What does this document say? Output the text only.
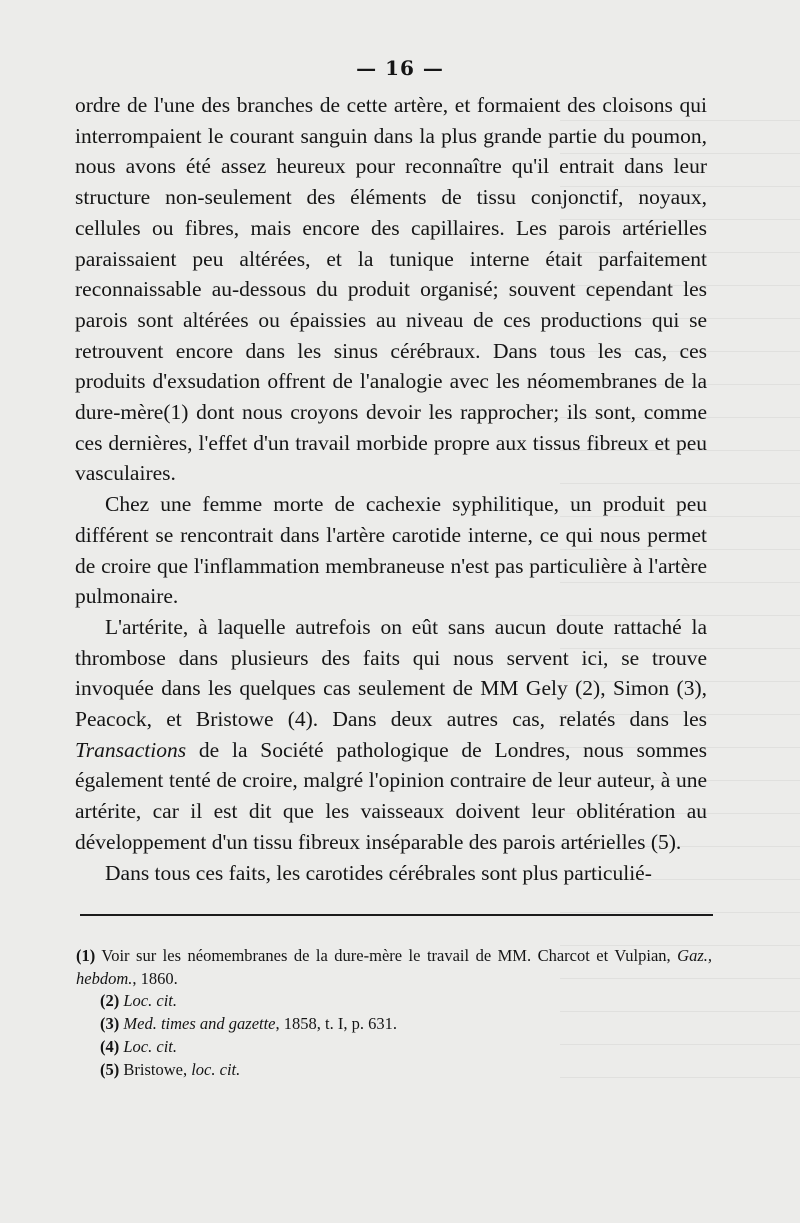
— 16 —

ordre de l'une des branches de cette artère, et formaient des cloisons qui interrompaient le courant sanguin dans la plus grande partie du poumon, nous avons été assez heureux pour reconnaître qu'il entrait dans leur structure non-seulement des éléments de tissu conjonctif, noyaux, cellules ou fibres, mais encore des capillaires. Les parois artérielles paraissaient peu altérées, et la tunique interne était parfaitement reconnaissable au-dessous du produit organisé; souvent cependant les parois sont altérées ou épaissies au niveau de ces productions qui se retrouvent encore dans les sinus cérébraux. Dans tous les cas, ces produits d'exsudation offrent de l'analogie avec les néomembranes de la dure-mère(1) dont nous croyons devoir les rapprocher; ils sont, comme ces dernières, l'effet d'un travail morbide propre aux tissus fibreux et peu vasculaires.

Chez une femme morte de cachexie syphilitique, un produit peu différent se rencontrait dans l'artère carotide interne, ce qui nous permet de croire que l'inflammation membraneuse n'est pas particulière à l'artère pulmonaire.

L'artérite, à laquelle autrefois on eût sans aucun doute rattaché la thrombose dans plusieurs des faits qui nous servent ici, se trouve invoquée dans les quelques cas seulement de MM Gely (2), Simon (3), Peacock, et Bristowe (4). Dans deux autres cas, relatés dans les Transactions de la Société pathologique de Londres, nous sommes également tenté de croire, malgré l'opinion contraire de leur auteur, à une artérite, car il est dit que les vaisseaux doivent leur oblitération au développement d'un tissu fibreux inséparable des parois artérielles (5).

Dans tous ces faits, les carotides cérébrales sont plus particulié-

(1) Voir sur les néomembranes de la dure-mère le travail de MM. Charcot et Vulpian, Gaz., hebdom., 1860.

(2) Loc. cit.

(3) Med. times and gazette, 1858, t. I, p. 631.

(4) Loc. cit.

(5) Bristowe, loc. cit.
